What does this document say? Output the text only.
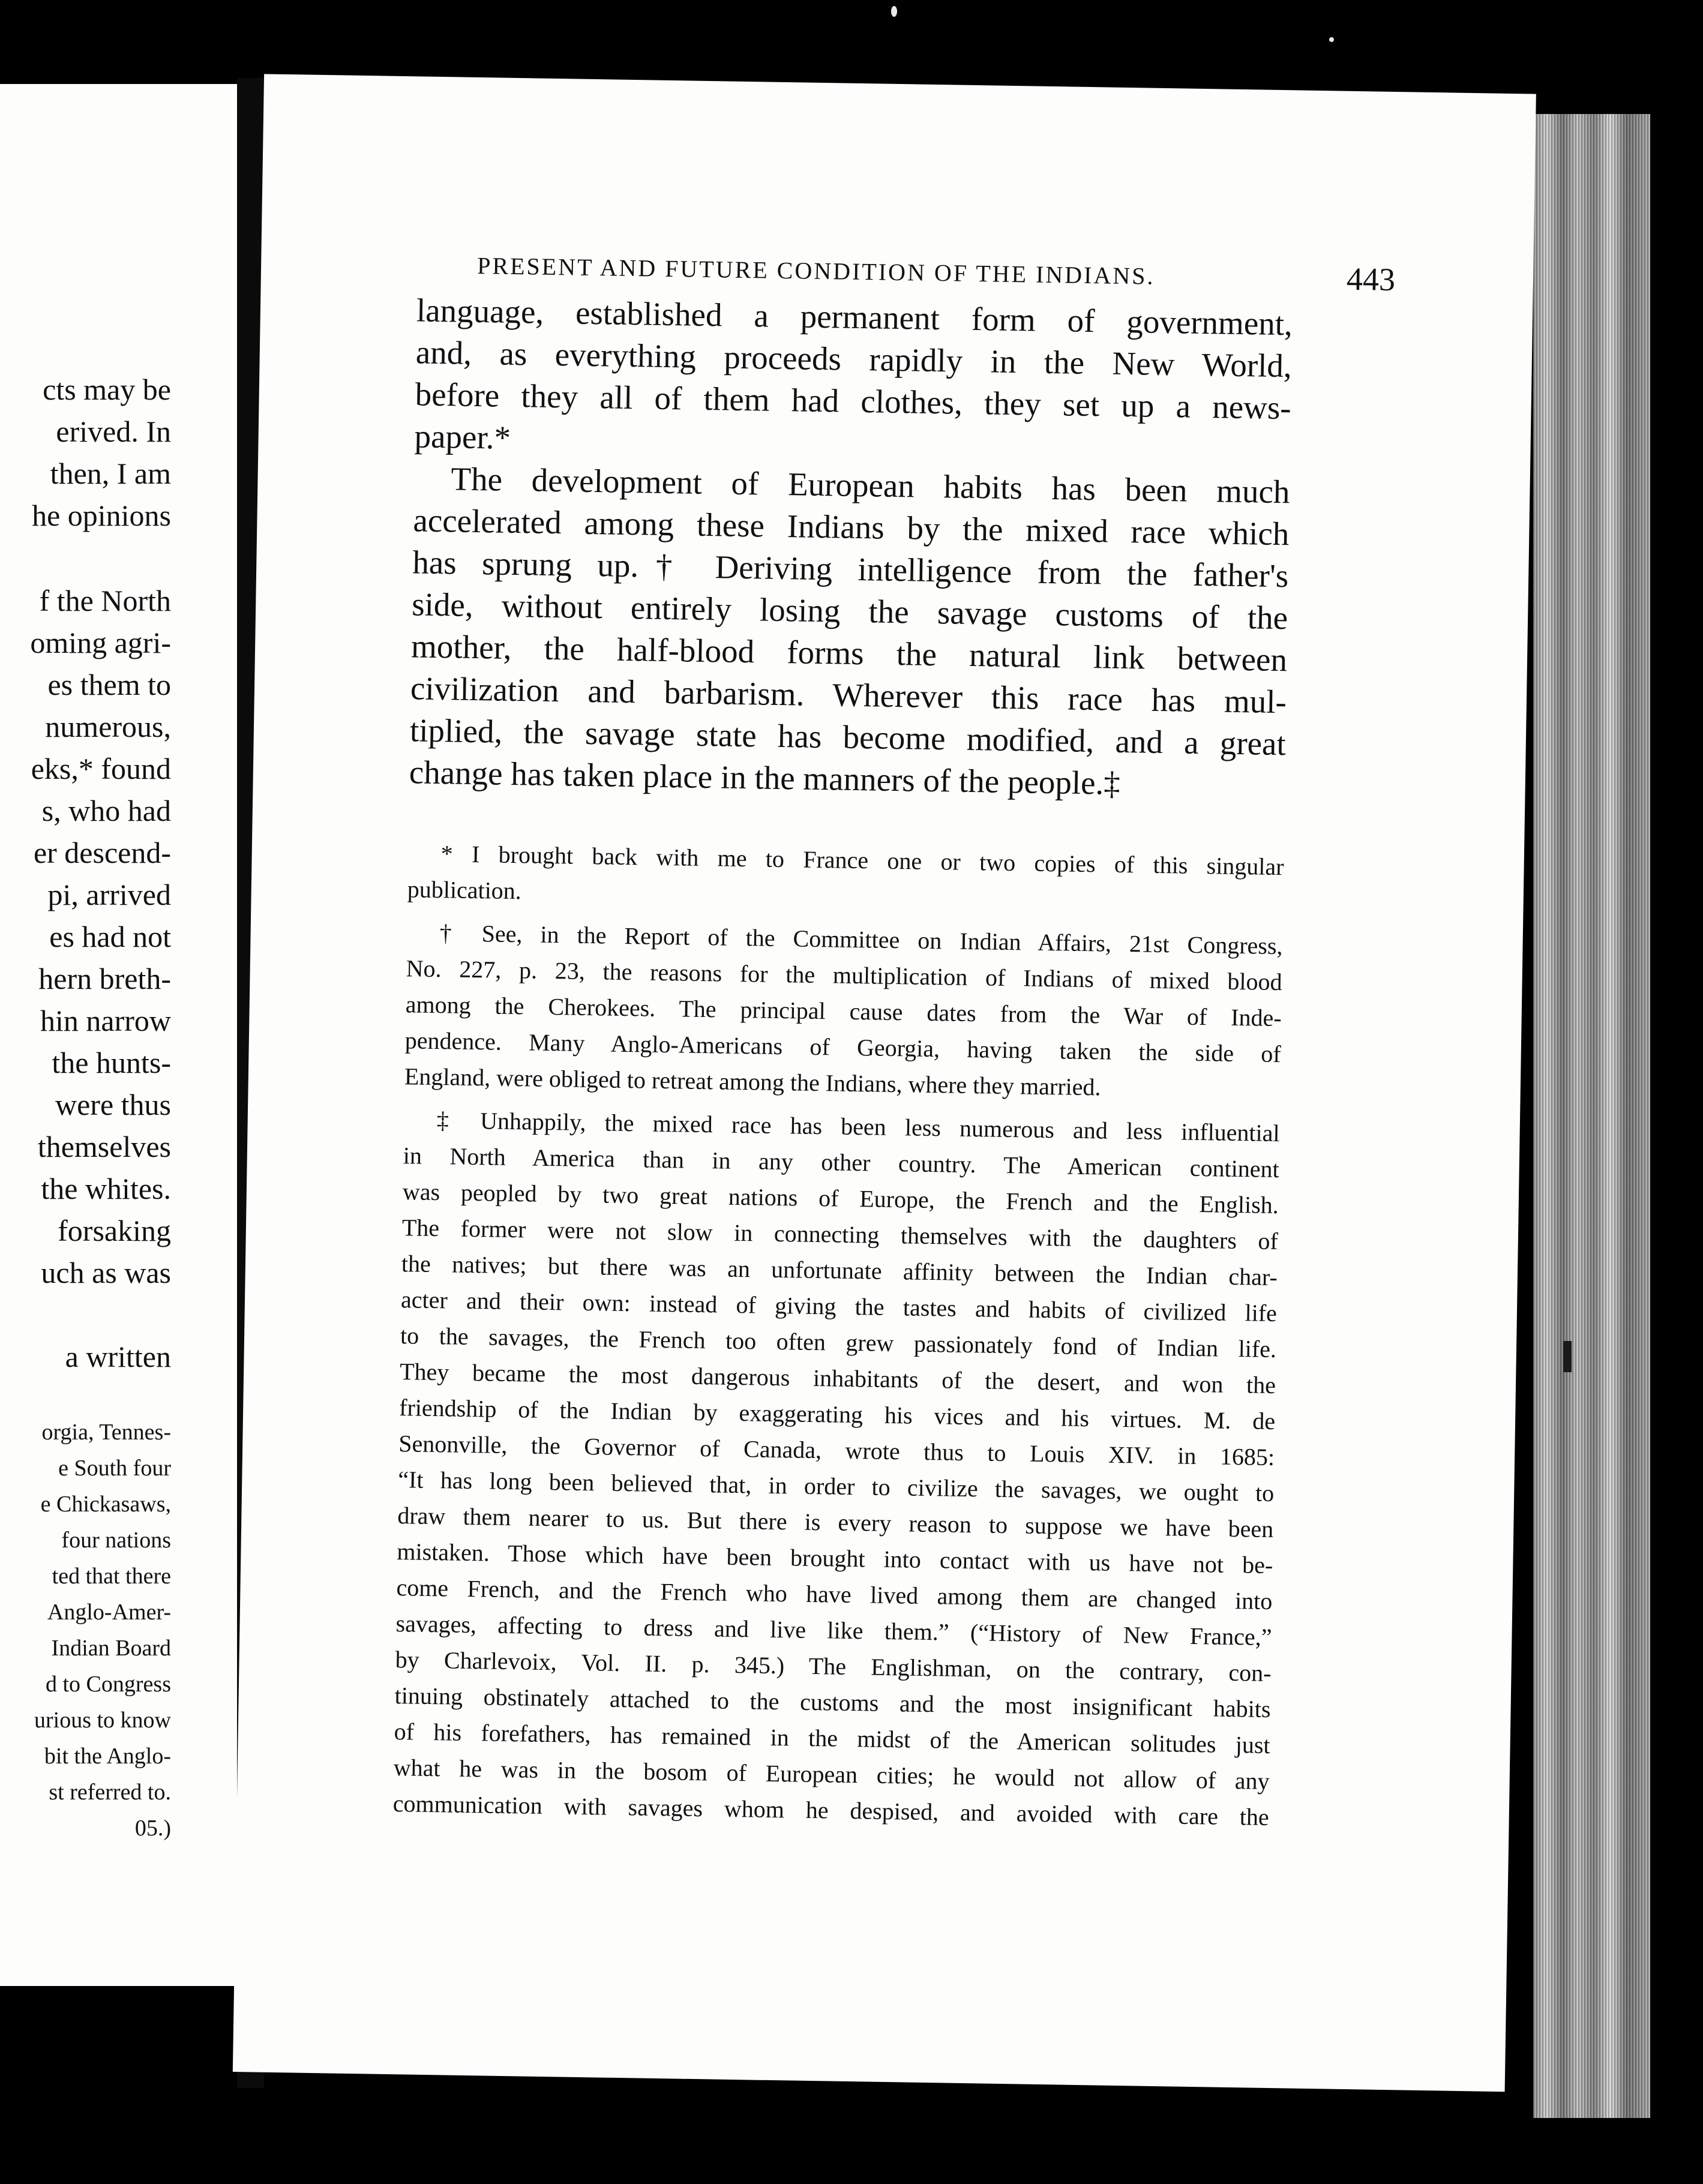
cts may be
erived. In
then, I am
he opinions
f the North
oming agri-
es them to
numerous,
eks,* found
s, who had
er descend-
pi, arrived
es had not
hern breth-
hin narrow
the hunts-
were thus
themselves
the whites.
forsaking
uch as was
a written
orgia, Tennes-
e South four
e Chickasaws,
four nations
ted that there
Anglo-Amer-
Indian Board
d to Congress
urious to know
bit the Anglo-
st referred to.
05.)
PRESENT AND FUTURE CONDITION OF THE INDIANS.	443
language, established a permanent form of government,
and, as everything proceeds rapidly in the New World,
before they all of them had clothes, they set up a news-
paper.*
The development of European habits has been much
accelerated among these Indians by the mixed race which
has sprung up.† Deriving intelligence from the father's
side, without entirely losing the savage customs of the
mother, the half-blood forms the natural link between
civilization and barbarism. Wherever this race has mul-
tiplied, the savage state has become modified, and a great
change has taken place in the manners of the people.‡
* I brought back with me to France one or two copies of this singular
publication.
† See, in the Report of the Committee on Indian Affairs, 21st Congress,
No. 227, p. 23, the reasons for the multiplication of Indians of mixed blood
among the Cherokees. The principal cause dates from the War of Inde-
pendence. Many Anglo-Americans of Georgia, having taken the side of
England, were obliged to retreat among the Indians, where they married.
‡ Unhappily, the mixed race has been less numerous and less influential
in North America than in any other country. The American continent
was peopled by two great nations of Europe, the French and the English.
The former were not slow in connecting themselves with the daughters of
the natives; but there was an unfortunate affinity between the Indian char-
acter and their own: instead of giving the tastes and habits of civilized life
to the savages, the French too often grew passionately fond of Indian life.
They became the most dangerous inhabitants of the desert, and won the
friendship of the Indian by exaggerating his vices and his virtues. M. de
Senonville, the Governor of Canada, wrote thus to Louis XIV. in 1685:
“It has long been believed that, in order to civilize the savages, we ought to
draw them nearer to us. But there is every reason to suppose we have been
mistaken. Those which have been brought into contact with us have not be-
come French, and the French who have lived among them are changed into
savages, affecting to dress and live like them.” (“History of New France,”
by Charlevoix, Vol. II. p. 345.) The Englishman, on the contrary, con-
tinuing obstinately attached to the customs and the most insignificant habits
of his forefathers, has remained in the midst of the American solitudes just
what he was in the bosom of European cities; he would not allow of any
communication with savages whom he despised, and avoided with care the
